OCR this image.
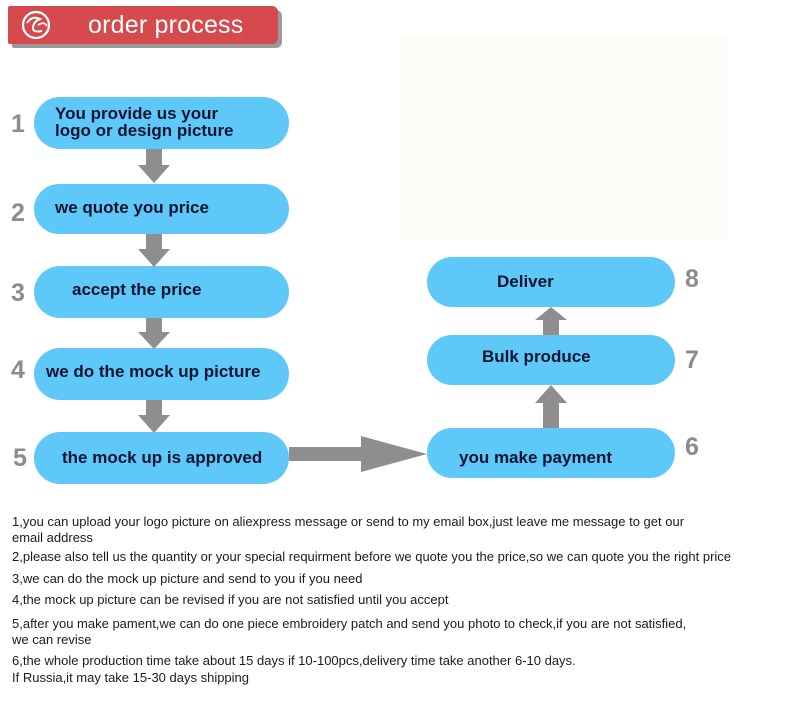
order process
1
2
3
4
5
8
7
6
You provide us your
logo or design picture
we quote you price
accept the price
we do the mock up picture
the mock up is approved
Deliver
Bulk produce
you make payment
1,you can upload your logo picture on aliexpress message or send to my email box,just leave me message to get our
email address
2,please also tell us the quantity or your special requirment before we quote you the price,so we can quote you the right price
3,we can do the mock up picture and send to you if you need
4,the mock up picture can be revised if you are not satisfied until you accept
5,after you make pament,we can do one piece embroidery patch and send you photo to check,if you are not satisfied,
we can revise
6,the whole production time take about 15 days if 10-100pcs,delivery time take another 6-10 days.
If Russia,it may take 15-30 days shipping
